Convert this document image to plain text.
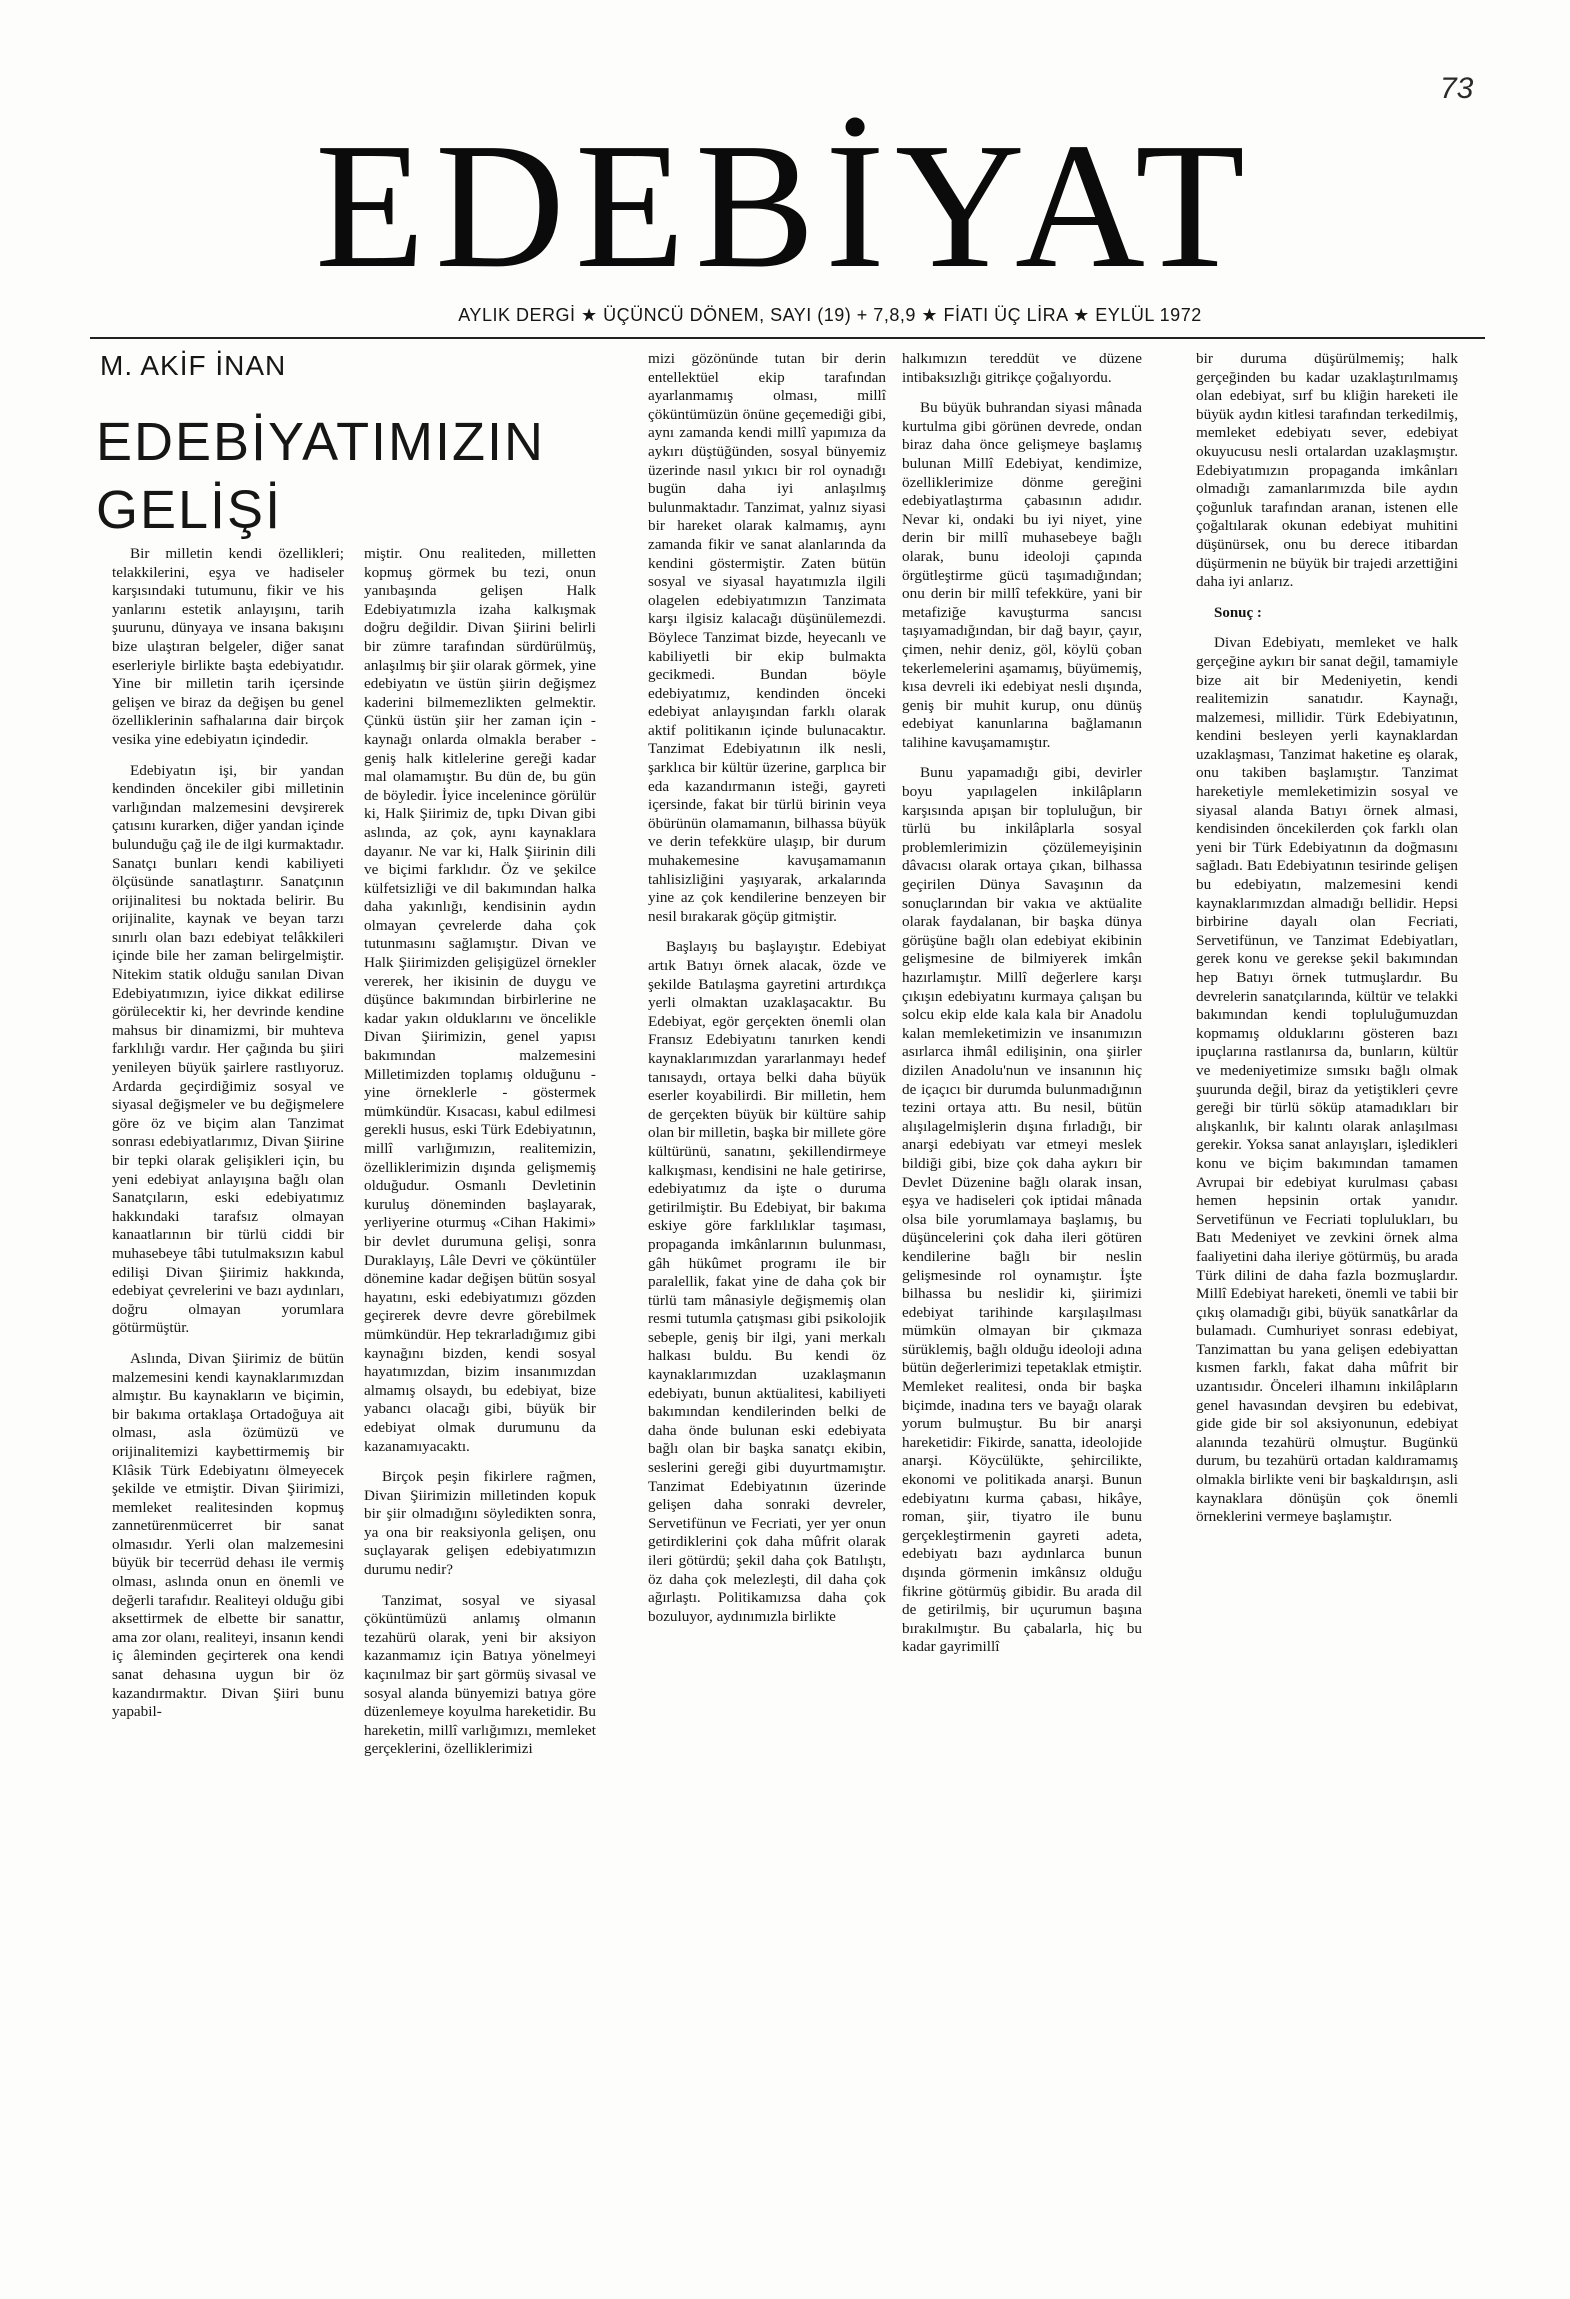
73
EDEBİYAT
AYLIK DERGİ ★ ÜÇÜNCÜ DÖNEM, SAYI (19) + 7,8,9 ★ FİATI ÜÇ LİRA ★ EYLÜL 1972
M. AKİF İNAN
EDEBİYATIMIZIN
GELİŞİ

Bir milletin kendi özellikleri; telakkilerini, eşya ve hadiseler karşısındaki tutumunu, fikir ve his yanlarını estetik anlayışını, tarih şuurunu, dünyaya ve insana bakışını bize ulaştıran belgeler, diğer sanat eserleriyle birlikte başta edebiyatıdır. Yine bir milletin tarih içersinde gelişen ve biraz da değişen bu genel özelliklerinin safhalarına dair birçok vesika yine edebiyatın içindedir.

Edebiyatın işi, bir yandan kendinden öncekiler gibi milletinin varlığından malzemesini devşirerek çatısını kurarken, diğer yandan içinde bulunduğu çağ ile de ilgi kurmaktadır. Sanatçı bunları kendi kabiliyeti ölçüsünde sanatlaştırır. Sanatçının orijinalitesi bu noktada belirir. Bu orijinalite, kaynak ve beyan tarzı sınırlı olan bazı edebiyat telâkkileri içinde bile her zaman belirgelmiştir. Nitekim statik olduğu sanılan Divan Edebiyatımızın, iyice dikkat edilirse görülecektir ki, her devrinde kendine mahsus bir dinamizmi, bir muhteva farklılığı vardır. Her çağında bu şiiri yenileyen büyük şairlere rastlıyoruz. Ardarda geçirdiğimiz sosyal ve siyasal değişmeler ve bu değişmelere göre öz ve biçim alan Tanzimat sonrası edebiyatlarımız, Divan Şiirine bir tepki olarak gelişikleri için, bu yeni edebiyat anlayışına bağlı olan Sanatçıların, eski edebiyatımız hakkındaki tarafsız olmayan kanaatlarının bir türlü ciddi bir muhasebeye tâbi tutulmaksızın kabul edilişi Divan Şiirimiz hakkında, edebiyat çevrelerini ve bazı aydınları, doğru olmayan yorumlara götürmüştür.

Aslında, Divan Şiirimiz de bütün malzemesini kendi kaynaklarımızdan almıştır. Bu kaynakların ve biçimin, bir bakıma ortaklaşa Ortadoğuya ait olması, asla özümüzü ve orijinalitemizi kaybettirmemiş bir Klâsik Türk Edebiyatını ölmeyecek şekilde ve etmiştir. Divan Şiirimizi, memleket realitesinden kopmuş zannetürenmücerret bir sanat olmasıdır. Yerli olan malzemesini büyük bir tecerrüd dehası ile vermiş olması, aslında onun en önemli ve değerli tarafıdır. Realiteyi olduğu gibi aksettirmek de elbette bir sanattır, ama zor olanı, realiteyi, insanın kendi iç âleminden geçirterek ona kendi sanat dehasına uygun bir öz kazandırmaktır. Divan Şiiri bunu yapabil-

miştir. Onu realiteden, milletten kopmuş görmek bu tezi, onun yanıbaşında gelişen Halk Edebiyatımızla izaha kalkışmak doğru değildir. Divan Şiirini belirli bir zümre tarafından sürdürülmüş, anlaşılmış bir şiir olarak görmek, yine edebiyatın ve üstün şiirin değişmez kaderini bilmemezlikten gelmektir. Çünkü üstün şiir her zaman için - kaynağı onlarda olmakla beraber - geniş halk kitlelerine gereği kadar mal olamamıştır. Bu dün de, bu gün de böyledir. İyice incelenince görülür ki, Halk Şiirimiz de, tıpkı Divan gibi aslında, az çok, aynı kaynaklara dayanır. Ne var ki, Halk Şiirinin dili ve biçimi farklıdır. Öz ve şekilce külfetsizliği ve dil bakımından halka daha yakınlığı, kendisinin aydın olmayan çevrelerde daha çok tutunmasını sağlamıştır. Divan ve Halk Şiirimizden gelişigüzel örnekler vererek, her ikisinin de duygu ve düşünce bakımından birbirlerine ne kadar yakın olduklarını ve öncelikle Divan Şiirimizin, genel yapısı bakımından malzemesini Milletimizden toplamış olduğunu - yine örneklerle - göstermek mümkündür. Kısacası, kabul edilmesi gerekli husus, eski Türk Edebiyatının, millî varlığımızın, realitemizin, özelliklerimizin dışında gelişmemiş olduğudur. Osmanlı Devletinin kuruluş döneminden başlayarak, yerliyerine oturmuş «Cihan Hakimi» bir devlet durumuna gelişi, sonra Duraklayış, Lâle Devri ve çöküntüler dönemine kadar değişen bütün sosyal hayatını, eski edebiyatımızı gözden geçirerek devre devre görebilmek mümkündür. Hep tekrarladığımız gibi kaynağını bizden, kendi sosyal hayatımızdan, bizim insanımızdan almamış olsaydı, bu edebiyat, bize yabancı olacağı gibi, büyük bir edebiyat olmak durumunu da kazanamıyacaktı.

Birçok peşin fikirlere rağmen, Divan Şiirimizin milletinden kopuk bir şiir olmadığını söyledikten sonra, ya ona bir reaksiyonla gelişen, onu suçlayarak gelişen edebiyatımızın durumu nedir?

Tanzimat, sosyal ve siyasal çöküntümüzü anlamış olmanın tezahürü olarak, yeni bir aksiyon kazanmamız için Batıya yönelmeyi kaçınılmaz bir şart görmüş sivasal ve sosyal alanda bünyemizi batıya göre düzenlemeye koyulma hareketidir. Bu hareketin, millî varlığımızı, memleket gerçeklerini, özelliklerimizi

mizi gözönünde tutan bir derin entellektüel ekip tarafından ayarlanmamış olması, millî çöküntümüzün önüne geçemediği gibi, aynı zamanda kendi millî yapımıza da aykırı düştüğünden, sosyal bünyemiz üzerinde nasıl yıkıcı bir rol oynadığı bugün daha iyi anlaşılmış bulunmaktadır. Tanzimat, yalnız siyasi bir hareket olarak kalmamış, aynı zamanda fikir ve sanat alanlarında da kendini göstermiştir. Zaten bütün sosyal ve siyasal hayatımızla ilgili olagelen edebiyatımızın Tanzimata karşı ilgisiz kalacağı düşünülemezdi. Böylece Tanzimat bizde, heyecanlı ve kabiliyetli bir ekip bulmakta gecikmedi. Bundan böyle edebiyatımız, kendinden önceki edebiyat anlayışından farklı olarak aktif politikanın içinde bulunacaktır. Tanzimat Edebiyatının ilk nesli, şarklıca bir kültür üzerine, garplıca bir eda kazandırmanın isteği, gayreti içersinde, fakat bir türlü birinin veya öbürünün olamamanın, bilhassa büyük ve derin tefekküre ulaşıp, bir durum muhakemesine kavuşamamanın tahlisizliğini yaşıyarak, arkalarında yine az çok kendilerine benzeyen bir nesil bırakarak göçüp gitmiştir.

Başlayış bu başlayıştır. Edebiyat artık Batıyı örnek alacak, özde ve şekilde Batılaşma gayretini artırdıkça yerli olmaktan uzaklaşacaktır. Bu Edebiyat, egör gerçekten önemli olan Fransız Edebiyatını tanırken kendi kaynaklarımızdan yararlanmayı hedef tanısaydı, ortaya belki daha büyük eserler koyabilirdi. Bir milletin, hem de gerçekten büyük bir kültüre sahip olan bir milletin, başka bir millete göre kültürünü, sanatını, şekillendirmeye kalkışması, kendisini ne hale getirirse, edebiyatımız da işte o duruma getirilmiştir. Bu Edebiyat, bir bakıma eskiye göre farklılıklar taşıması, propaganda imkânlarının bulunması, gâh hükûmet programı ile bir paralellik, fakat yine de daha çok bir türlü tam mânasiyle değişmemiş olan resmi tutumla çatışması gibi psikolojik sebeple, geniş bir ilgi, yani merkalı halkası buldu. Bu kendi öz kaynaklarımızdan uzaklaşmanın edebiyatı, bunun aktüalitesi, kabiliyeti bakımından kendilerinden belki de daha önde bulunan eski edebiyata bağlı olan bir başka sanatçı ekibin, seslerini gereği gibi duyurtmamıştır. Tanzimat Edebiyatının üzerinde gelişen daha sonraki devreler, Servetifünun ve Fecriati, yer yer onun getirdiklerini çok daha mûfrit olarak ileri götürdü; şekil daha çok Batılıştı, öz daha çok melezleşti, dil daha çok ağırlaştı. Politikamızsa daha çok bozuluyor, aydınımızla birlikte

halkımızın tereddüt ve düzene intibaksızlığı gitrikçe çoğalıyordu.

Bu büyük buhrandan siyasi mânada kurtulma gibi görünen devrede, ondan biraz daha önce gelişmeye başlamış bulunan Millî Edebiyat, kendimize, özelliklerimize dönme gereğini edebiyatlaştırma çabasının adıdır. Nevar ki, ondaki bu iyi niyet, yine derin bir millî muhasebeye bağlı olarak, bunu ideoloji çapında örgütleştirme gücü taşımadığından; onu derin bir millî tefekküre, yani bir metafiziğe kavuşturma sancısı taşıyamadığından, bir dağ bayır, çayır, çimen, nehir deniz, göl, köylü çoban tekerlemelerini aşamamış, büyümemiş, kısa devreli iki edebiyat nesli dışında, geniş bir muhit kurup, onu dünüş edebiyat kanunlarına bağlamanın talihine kavuşamamıştır.

Bunu yapamadığı gibi, devirler boyu yapılagelen inkilâpların karşısında apışan bir topluluğun, bir türlü bu inkilâplarla sosyal problemlerimizin çözülemeyişinin dâvacısı olarak ortaya çıkan, bilhassa geçirilen Dünya Savaşının da sonuçlarından bir vakıa ve aktüalite olarak faydalanan, bir başka dünya görüşüne bağlı olan edebiyat ekibinin gelişmesine de bilmiyerek imkân hazırlamıştır. Millî değerlere karşı çıkışın edebiyatını kurmaya çalışan bu solcu ekip elde kala kala bir Anadolu kalan memleketimizin ve insanımızın asırlarca ihmâl edilişinin, ona şiirler dizilen Anadolu'nun ve insanının hiç de içaçıcı bir durumda bulunmadığının tezini ortaya attı. Bu nesil, bütün alışılagelmişlerin dışına fırladığı, bir anarşi edebiyatı var etmeyi meslek bildiği gibi, bize çok daha aykırı bir Devlet Düzenine bağlı olarak insan, eşya ve hadiseleri çok iptidai mânada olsa bile yorumlamaya başlamış, bu düşüncelerini çok daha ileri götüren kendilerine bağlı bir neslin gelişmesinde rol oynamıştır. İşte bilhassa bu neslidir ki, şiirimizi edebiyat tarihinde karşılaşılması mümkün olmayan bir çıkmaza sürüklemiş, bağlı olduğu ideoloji adına bütün değerlerimizi tepetaklak etmiştir. Memleket realitesi, onda bir başka biçimde, inadına ters ve bayağı olarak yorum bulmuştur. Bu bir anarşi hareketidir: Fikirde, sanatta, ideolojide anarşi. Köycülükte, şehircilikte, ekonomi ve politikada anarşi. Bunun edebiyatını kurma çabası, hikâye, roman, şiir, tiyatro ile bunu gerçekleştirmenin gayreti adeta, edebiyatı bazı aydınlarca bunun dışında görmenin imkânsız olduğu fikrine götürmüş gibidir. Bu arada dil de getirilmiş, bir uçurumun başına bırakılmıştır. Bu çabalarla, hiç bu kadar gayrimillî

bir duruma düşürülmemiş; halk gerçeğinden bu kadar uzaklaştırılmamış olan edebiyat, sırf bu kliğin hareketi ile büyük aydın kitlesi tarafından terkedilmiş, memleket edebiyatı sever, edebiyat okuyucusu nesli ortalardan uzaklaşmıştır. Edebiyatımızın propaganda imkânları olmadığı zamanlarımızda bile aydın çoğunluk tarafından aranan, istenen elle çoğaltılarak okunan edebiyat muhitini düşünürsek, onu bu derece itibardan düşürmenin ne büyük bir trajedi arzettiğini daha iyi anlarız.

Sonuç :

Divan Edebiyatı, memleket ve halk gerçeğine aykırı bir sanat değil, tamamiyle bize ait bir Medeniyetin, kendi realitemizin sanatıdır. Kaynağı, malzemesi, millidir. Türk Edebiyatının, kendini besleyen yerli kaynaklardan uzaklaşması, Tanzimat haketine eş olarak, onu takiben başlamıştır. Tanzimat hareketiyle memleketimizin sosyal ve siyasal alanda Batıyı örnek almasi, kendisinden öncekilerden çok farklı olan yeni bir Türk Edebiyatının da doğmasını sağladı. Batı Edebiyatının tesirinde gelişen bu edebiyatın, malzemesini kendi kaynaklarımızdan almadığı bellidir. Hepsi birbirine dayalı olan Fecriati, Servetifünun, ve Tanzimat Edebiyatları, gerek konu ve gerekse şekil bakımından hep Batıyı örnek tutmuşlardır. Bu devrelerin sanatçılarında, kültür ve telakki bakımından kendi topluluğumuzdan kopmamış olduklarını gösteren bazı ipuçlarına rastlanırsa da, bunların, kültür ve medeniyetimize sımsıkı bağlı olmak şuurunda değil, biraz da yetiştikleri çevre gereği bir türlü söküp atamadıkları bir alışkanlık, bir kalıntı olarak anlaşılması gerekir. Yoksa sanat anlayışları, işledikleri konu ve biçim bakımından tamamen Avrupai bir edebiyat kurulması çabası hemen hepsinin ortak yanıdır. Servetifünun ve Fecriati toplulukları, bu Batı Medeniyet ve zevkini örnek alma faaliyetini daha ileriye götürmüş, bu arada Türk dilini de daha fazla bozmuşlardır. Millî Edebiyat hareketi, önemli ve tabii bir çıkış olamadığı gibi, büyük sanatkârlar da bulamadı. Cumhuriyet sonrası edebiyat, Tanzimattan bu yana gelişen edebiyattan kısmen farklı, fakat daha mûfrit bir uzantısıdır. Önceleri ilhamını inkilâpların genel havasından devşiren bu edebivat, gide gide bir sol aksiyonunun, edebiyat alanında tezahürü olmuştur. Bugünkü durum, bu tezahürü ortadan kaldıramamış olmakla birlikte veni bir başkaldırışın, asli kaynaklara dönüşün çok önemli örneklerini vermeye başlamıştır.
